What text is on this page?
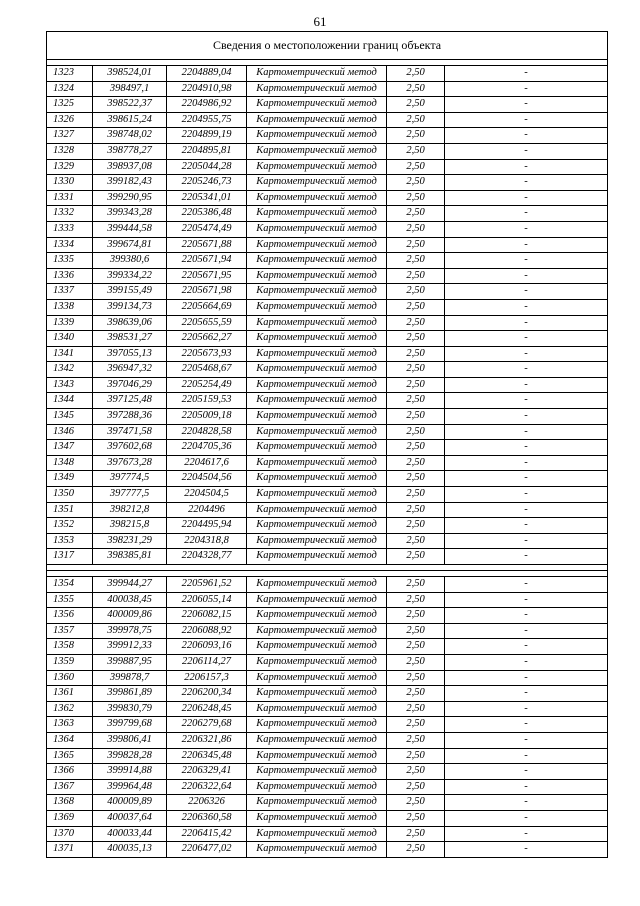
61
Сведения о местоположении границ объекта					

1323	398524,01	2204889,04	Картометрический метод	2,50	-
1324	398497,1	2204910,98	Картометрический метод	2,50	-
1325	398522,37	2204986,92	Картометрический метод	2,50	-
1326	398615,24	2204955,75	Картометрический метод	2,50	-
1327	398748,02	2204899,19	Картометрический метод	2,50	-
1328	398778,27	2204895,81	Картометрический метод	2,50	-
1329	398937,08	2205044,28	Картометрический метод	2,50	-
1330	399182,43	2205246,73	Картометрический метод	2,50	-
1331	399290,95	2205341,01	Картометрический метод	2,50	-
1332	399343,28	2205386,48	Картометрический метод	2,50	-
1333	399444,58	2205474,49	Картометрический метод	2,50	-
1334	399674,81	2205671,88	Картометрический метод	2,50	-
1335	399380,6	2205671,94	Картометрический метод	2,50	-
1336	399334,22	2205671,95	Картометрический метод	2,50	-
1337	399155,49	2205671,98	Картометрический метод	2,50	-
1338	399134,73	2205664,69	Картометрический метод	2,50	-
1339	398639,06	2205655,59	Картометрический метод	2,50	-
1340	398531,27	2205662,27	Картометрический метод	2,50	-
1341	397055,13	2205673,93	Картометрический метод	2,50	-
1342	396947,32	2205468,67	Картометрический метод	2,50	-
1343	397046,29	2205254,49	Картометрический метод	2,50	-
1344	397125,48	2205159,53	Картометрический метод	2,50	-
1345	397288,36	2205009,18	Картометрический метод	2,50	-
1346	397471,58	2204828,58	Картометрический метод	2,50	-
1347	397602,68	2204705,36	Картометрический метод	2,50	-
1348	397673,28	2204617,6	Картометрический метод	2,50	-
1349	397774,5	2204504,56	Картометрический метод	2,50	-
1350	397777,5	2204504,5	Картометрический метод	2,50	-
1351	398212,8	2204496	Картометрический метод	2,50	-
1352	398215,8	2204495,94	Картометрический метод	2,50	-
1353	398231,29	2204318,8	Картометрический метод	2,50	-
1317	398385,81	2204328,77	Картометрический метод	2,50	-

1354	399944,27	2205961,52	Картометрический метод	2,50	-
1355	400038,45	2206055,14	Картометрический метод	2,50	-
1356	400009,86	2206082,15	Картометрический метод	2,50	-
1357	399978,75	2206088,92	Картометрический метод	2,50	-
1358	399912,33	2206093,16	Картометрический метод	2,50	-
1359	399887,95	2206114,27	Картометрический метод	2,50	-
1360	399878,7	2206157,3	Картометрический метод	2,50	-
1361	399861,89	2206200,34	Картометрический метод	2,50	-
1362	399830,79	2206248,45	Картометрический метод	2,50	-
1363	399799,68	2206279,68	Картометрический метод	2,50	-
1364	399806,41	2206321,86	Картометрический метод	2,50	-
1365	399828,28	2206345,48	Картометрический метод	2,50	-
1366	399914,88	2206329,41	Картометрический метод	2,50	-
1367	399964,48	2206322,64	Картометрический метод	2,50	-
1368	400009,89	2206326	Картометрический метод	2,50	-
1369	400037,64	2206360,58	Картометрический метод	2,50	-
1370	400033,44	2206415,42	Картометрический метод	2,50	-
1371	400035,13	2206477,02	Картометрический метод	2,50	-
